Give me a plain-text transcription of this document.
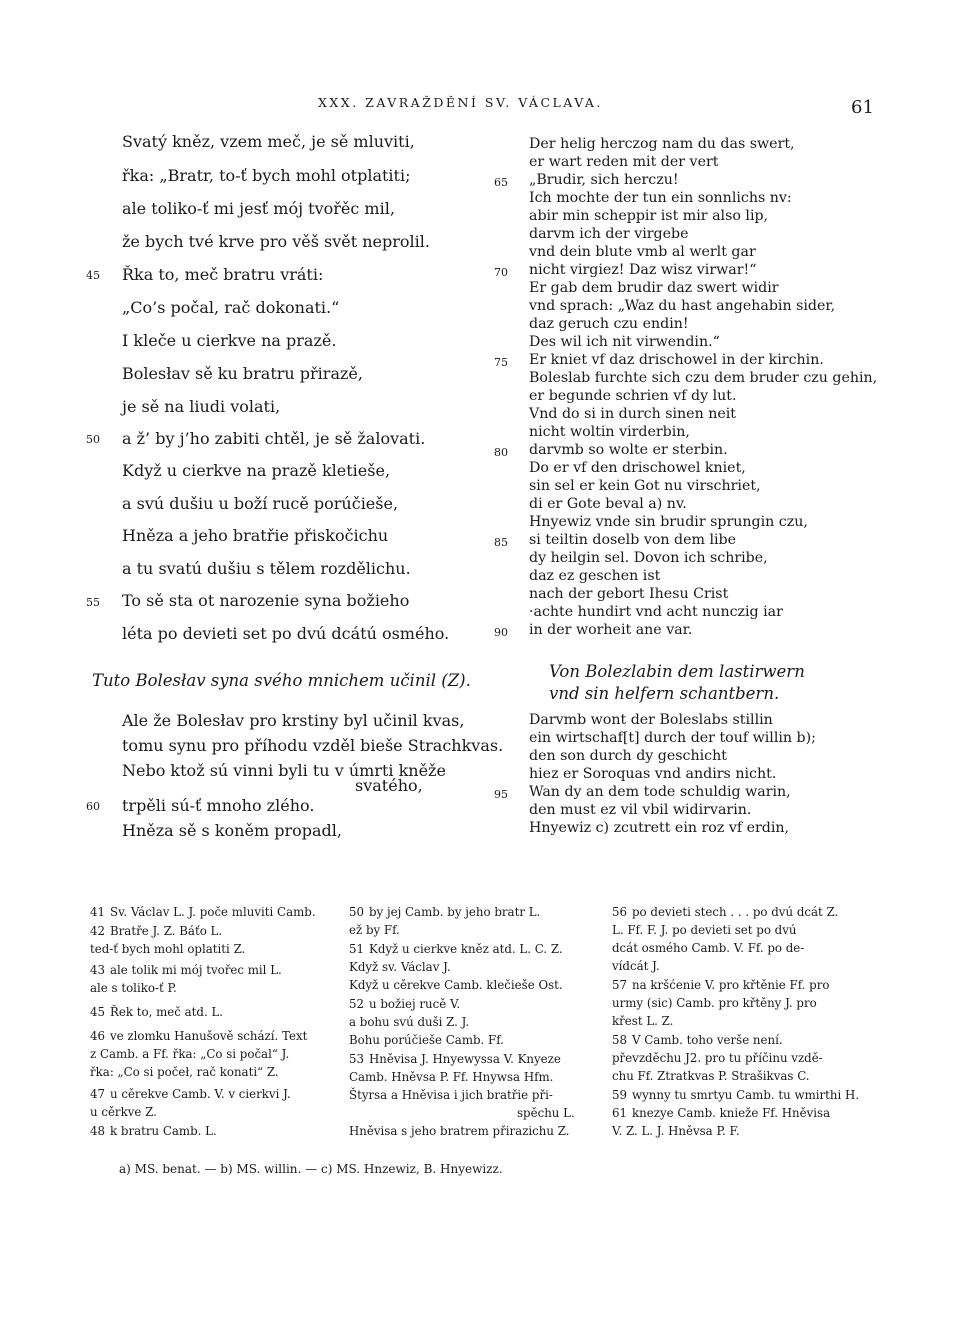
XXX. ZAVRAŽDĚNÍ SV. VÁCLAVA.	61
Svatý kněz, vzem meč, je sě mluviti,
řka: „Bratr, to-ť bych mohl otplatiti;
ale toliko-ť mi jesť mój tvořěc mil,
že bych tvé krve pro věš svět neprolil.
Řka to, meč bratru vráti:
„Co’s počal, rač dokonati.“
I kleče u cierkve na prazě.
Bolesłav sě ku bratru přirazě,
je sě na liudi volati,
a ž’ by j’ho zabiti chtěl, je sě žalovati.
Když u cierkve na prazě kletieše,
a svú dušiu u boží rucě porúčieše,
Hněza a jeho bratřie přiskočichu
a tu svatú dušiu s tělem rozdělichu.
To sě sta ot narozenie syna božieho
léta po devieti set po dvú dcátú osmého.
45
50
55
Tuto Bolesłav syna svého mnichem učinil (Z).
Ale že Bolesłav pro krstiny byl učinil kvas,
tomu synu pro příhodu vzděl bieše Strachkvas.
Nebo ktož sú vinni byli tu v úmrti kněže
svatého,
trpěli sú-ť mnoho zlého.
Hněza sě s koněm propadl,
60
Der helig herczog nam du das swert,
er wart reden mit der vert
„Brudir, sich herczu!
Ich mochte der tun ein sonnlichs nv:
abir min scheppir ist mir also lip,
darvm ich der virgebe
vnd dein blute vmb al werlt gar
nicht virgiez! Daz wisz virwar!“
Er gab dem brudir daz swert widir
vnd sprach: „Waz du hast angehabin sider,
daz geruch czu endin!
Des wil ich nit virwendin.“
Er kniet vf daz drischowel in der kirchin.
Boleslab furchte sich czu dem bruder czu gehin,
er begunde schrien vf dy lut.
Vnd do si in durch sinen neit
nicht woltin virderbin,
darvmb so wolte er sterbin.
Do er vf den drischowel kniet,
sin sel er kein Got nu virschriet,
di er Gote beval a) nv.
Hnyewiz vnde sin brudir sprungin czu,
si teiltin doselb von dem libe
dy heilgin sel. Dovon ich schribe,
daz ez geschen ist
nach der gebort Ihesu Crist
·achte hundirt vnd acht nunczig iar
in der worheit ane var.
65
70
75
80
85
90
Von Bolezlabin dem lastirwern
vnd sin helfern schantbern.
Darvmb wont der Boleslabs stillin
ein wirtschaf[t] durch der touf willin b);
den son durch dy geschicht
hiez er Soroquas vnd andirs nicht.
Wan dy an dem tode schuldig warin,
den must ez vil vbil widirvarin.
Hnyewiz c) zcutrett ein roz vf erdin,
95
41 Sv. Václav L. J. poče mluviti Camb.
42 Bratře J. Z. Báťo L.
ted-ť bych mohl oplatiti Z.
43 ale tolik mi mój tvořec mil L.
ale s toliko-ť P.
45 Řek to, meč atd. L.
46 ve zlomku Hanušově schází. Text
z Camb. a Ff. řka: „Co si počal“ J.
řka: „Co si počeł, rač konati“ Z.
47 u cěrekve Camb. V. v cierkvi J.
u cěrkve Z.
48 k bratru Camb. L.
50 by jej Camb. by jeho bratr L.
ež by Ff.
51 Když u cierkve kněz atd. L. C. Z.
Když sv. Václav J.
Když u cěrekve Camb. klečieše Ost.
52 u božiej rucě V.
a bohu svú duši Z. J.
Bohu porúčieše Camb. Ff.
53 Hněvisa J. Hnyewyssa V. Knyeze
Camb. Hněvsa P. Ff. Hnywsa Hfm.
Štyrsa a Hněvisa i jich bratřie při-
spěchu L.
Hněvisa s jeho bratrem přirazichu Z.
56 po devieti stech . . . po dvú dcát Z.
L. Ff. F. J. po devieti set po dvú
dcát osmého Camb. V. Ff. po de-
vídcát J.
57 na kršćenie V. pro křtěnie Ff. pro
urmy (sic) Camb. pro křtěny J. pro
křest L. Z.
58 V Camb. toho verše není.
převzděchu J2. pro tu příčinu vzdě-
chu Ff. Ztratkvas P. Strašikvas C.
59 wynny tu smrtyu Camb. tu wmirthi H.
61 knezye Camb. knieže Ff. Hněvisa
V. Z. L. J. Hněvsa P. F.
a) MS. benat. — b) MS. willin. — c) MS. Hnzewiz, B. Hnyewizz.
